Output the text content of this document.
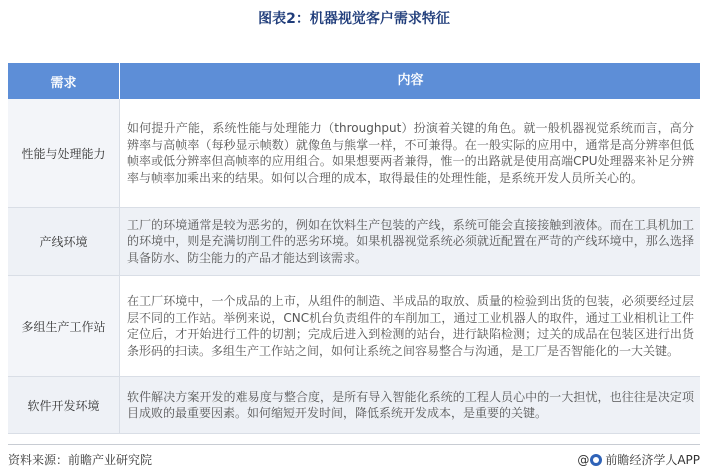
图表2：机器视觉客户需求特征
需求	内容
性能与处理能力
如何提升产能，系统性能与处理能力（throughput）扮演着关键的角色。就一般机器视觉系统而言，高分辨率与高帧率（每秒显示帧数）就像鱼与熊掌一样，不可兼得。在一般实际的应用中，通常是高分辨率但低帧率或低分辨率但高帧率的应用组合。如果想要两者兼得，惟一的出路就是使用高端CPU处理器来补足分辨率与帧率加乘出来的结果。如何以合理的成本，取得最佳的处理性能，是系统开发人员所关心的。
产线环境
工厂的环境通常是较为恶劣的，例如在饮料生产包装的产线，系统可能会直接接触到液体。而在工具机加工的环境中，则是充满切削工件的恶劣环境。如果机器视觉系统必须就近配置在严苛的产线环境中，那么选择具备防水、防尘能力的产品才能达到该需求。
多组生产工作站
在工厂环境中，一个成品的上市，从组件的制造、半成品的取放、质量的检验到出货的包装，必须要经过层层不同的工作站。举例来说，CNC机台负责组件的车削加工，通过工业机器人的取件，通过工业相机让工件定位后，才开始进行工件的切割；完成后进入到检测的站台，进行缺陷检测；过关的成品在包装区进行出货条形码的扫读。多组生产工作站之间，如何让系统之间容易整合与沟通，是工厂是否智能化的一大关键。
软件开发环境
软件解决方案开发的难易度与整合度，是所有导入智能化系统的工程人员心中的一大担忧，也往往是决定项目成败的最重要因素。如何缩短开发时间，降低系统开发成本，是重要的关键。
资料来源：前瞻产业研究院	@ 前瞻经济学人APP
